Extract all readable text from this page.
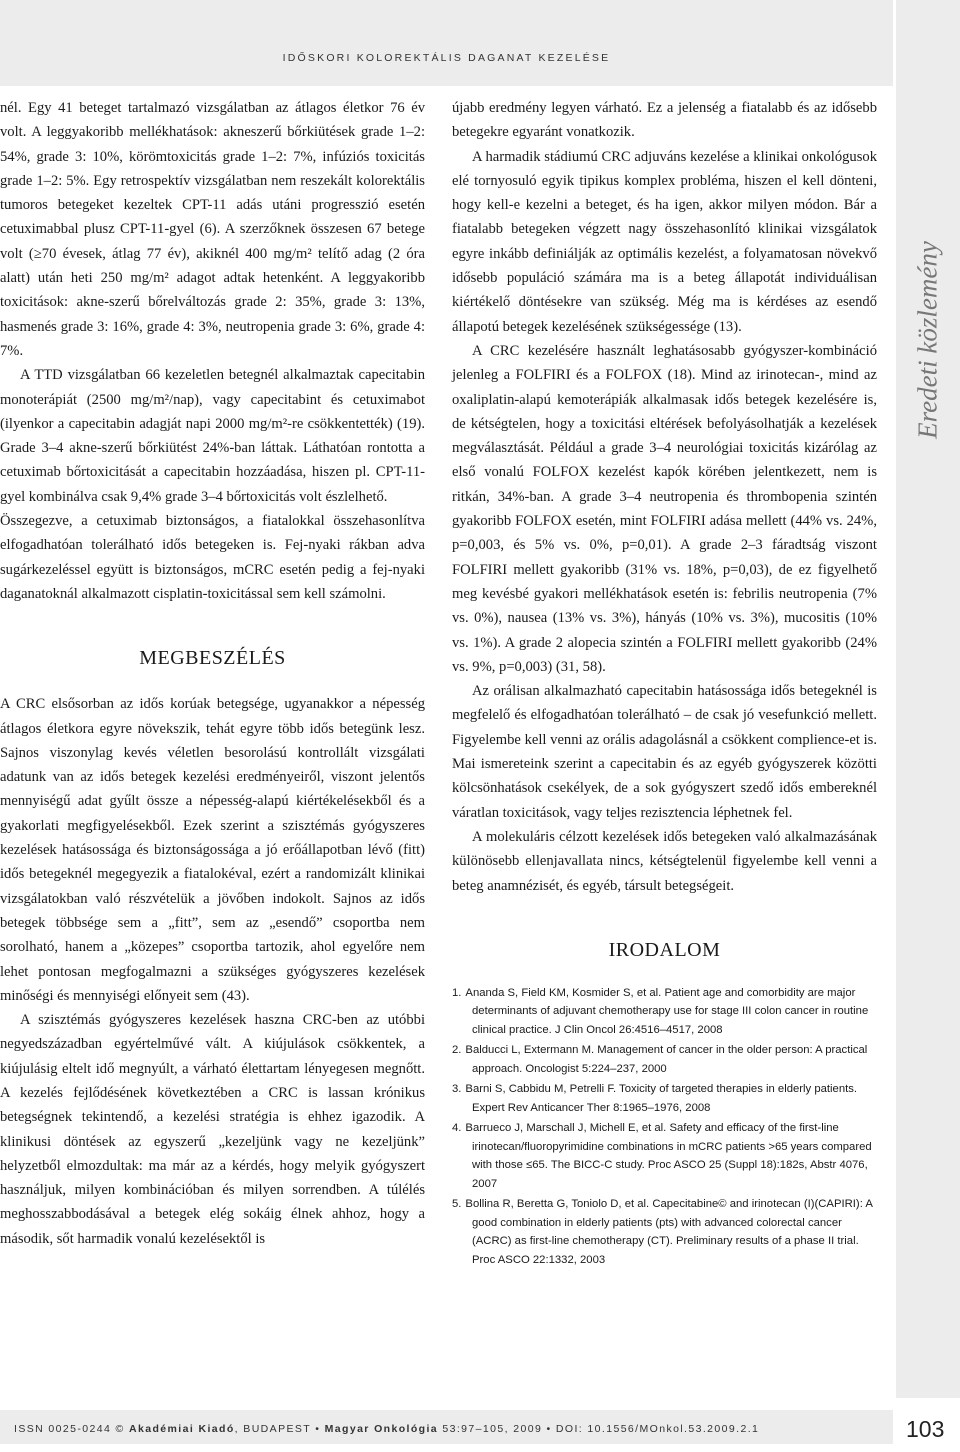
IDŐSKORI KOLOREKTÁLIS DAGANAT KEZELÉSE
Eredeti közlemény

nél. Egy 41 beteget tartalmazó vizsgálatban az átlagos életkor 76 év volt. A leggyakoribb mellékhatások: akneszerű bőrkiütések grade 1–2: 54%, grade 3: 10%, körömtoxicitás grade 1–2: 7%, infúziós toxicitás grade 1–2: 5%. Egy retrospektív vizsgálatban nem reszekált kolorektális tumoros betegeket kezeltek CPT-11 adás utáni progresszió esetén cetuximabbal plusz CPT-11-gyel (6). A szerzőknek összesen 67 betege volt (≥70 évesek, átlag 77 év), akiknél 400 mg/m² telítő adag (2 óra alatt) után heti 250 mg/m² adagot adtak hetenként. A leggyakoribb toxicitások: akne-szerű bőrelváltozás grade 2: 35%, grade 3: 13%, hasmenés grade 3: 16%, grade 4: 3%, neutropenia grade 3: 6%, grade 4: 7%.

A TTD vizsgálatban 66 kezeletlen betegnél alkalmaztak capecitabin monoterápiát (2500 mg/m²/nap), vagy capecitabint és cetuximabot (ilyenkor a capecitabin adagját napi 2000 mg/m²-re csökkentették) (19). Grade 3–4 akne-szerű bőrkiütést 24%-ban láttak. Láthatóan rontotta a cetuximab bőrtoxicitását a capecitabin hozzáadása, hiszen pl. CPT-11-gyel kombinálva csak 9,4% grade 3–4 bőrtoxicitás volt észlelhető.

Összegezve, a cetuximab biztonságos, a fiatalokkal összehasonlítva elfogadhatóan tolerálható idős betegeken is. Fej-nyaki rákban adva sugárkezeléssel együtt is biztonságos, mCRC esetén pedig a fej-nyaki daganatoknál alkalmazott cisplatin-toxicitással sem kell számolni.

MEGBESZÉLÉS

A CRC elsősorban az idős korúak betegsége, ugyanakkor a népesség átlagos életkora egyre növekszik, tehát egyre több idős betegünk lesz. Sajnos viszonylag kevés véletlen besorolású kontrollált vizsgálati adatunk van az idős betegek kezelési eredményeiről, viszont jelentős mennyiségű adat gyűlt össze a népesség-alapú kiértékelésekből és a gyakorlati megfigyelésekből. Ezek szerint a szisztémás gyógyszeres kezelések hatásossága és biztonságossága a jó erőállapotban lévő (fitt) idős betegeknél megegyezik a fiatalokéval, ezért a randomizált klinikai vizsgálatokban való részvételük a jövőben indokolt. Sajnos az idős betegek többsége sem a „fitt”, sem az „esendő” csoportba nem sorolható, hanem a „közepes” csoportba tartozik, ahol egyelőre nem lehet pontosan megfogalmazni a szükséges gyógyszeres kezelések minőségi és mennyiségi előnyeit sem (43).

A szisztémás gyógyszeres kezelések haszna CRC-ben az utóbbi negyedszázadban egyértelművé vált. A kiújulások csökkentek, a kiújulásig eltelt idő megnyúlt, a várható élettartam lényegesen megnőtt. A kezelés fejlődésének következtében a CRC is lassan krónikus betegségnek tekintendő, a kezelési stratégia is ehhez igazodik. A klinikusi döntések az egyszerű „kezeljünk vagy ne kezeljünk” helyzetből elmozdultak: ma már az a kérdés, hogy melyik gyógyszert használjuk, milyen kombinációban és milyen sorrendben. A túlélés meghosszabbodásával a betegek elég sokáig élnek ahhoz, hogy a második, sőt harmadik vonalú kezelésektől is

újabb eredmény legyen várható. Ez a jelenség a fiatalabb és az idősebb betegekre egyaránt vonatkozik.

A harmadik stádiumú CRC adjuváns kezelése a klinikai onkológusok elé tornyosuló egyik tipikus komplex probléma, hiszen el kell dönteni, hogy kell-e kezelni a beteget, és ha igen, akkor milyen módon. Bár a fiatalabb betegeken végzett nagy összehasonlító klinikai vizsgálatok egyre inkább definiálják az optimális kezelést, a folyamatosan növekvő idősebb populáció számára ma is a beteg állapotát individuálisan kiértékelő döntésekre van szükség. Még ma is kérdéses az esendő állapotú betegek kezelésének szükségessége (13).

A CRC kezelésére használt leghatásosabb gyógyszer-kombináció jelenleg a FOLFIRI és a FOLFOX (18). Mind az irinotecan-, mind az oxaliplatin-alapú kemoterápiák alkalmasak idős betegek kezelésére is, de kétségtelen, hogy a toxicitási eltérések befolyásolhatják a kezelések megválasztását. Például a grade 3–4 neurológiai toxicitás kizárólag az első vonalú FOLFOX kezelést kapók körében jelentkezett, nem is ritkán, 34%-ban. A grade 3–4 neutropenia és thrombopenia szintén gyakoribb FOLFOX esetén, mint FOLFIRI adása mellett (44% vs. 24%, p=0,003, és 5% vs. 0%, p=0,01). A grade 2–3 fáradtság viszont FOLFIRI mellett gyakoribb (31% vs. 18%, p=0,03), de ez figyelhető meg kevésbé gyakori mellékhatások esetén is: febrilis neutropenia (7% vs. 0%), nausea (13% vs. 3%), hányás (10% vs. 3%), mucositis (10% vs. 1%). A grade 2 alopecia szintén a FOLFIRI mellett gyakoribb (24% vs. 9%, p=0,003) (31, 58).

Az orálisan alkalmazható capecitabin hatásossága idős betegeknél is megfelelő és elfogadhatóan tolerálható – de csak jó vesefunkció mellett. Figyelembe kell venni az orális adagolásnál a csökkent complience-et is. Mai ismereteink szerint a capecitabin és az egyéb gyógyszerek közötti kölcsönhatások csekélyek, de a sok gyógyszert szedő idős embereknél váratlan toxicitások, vagy teljes rezisztencia léphetnek fel.

A molekuláris célzott kezelések idős betegeken való alkalmazásának különösebb ellenjavallata nincs, kétségtelenül figyelembe kell venni a beteg anamnézisét, és egyéb, társult betegségeit.

IRODALOM
1. Ananda S, Field KM, Kosmider S, et al. Patient age and comorbidity are major determinants of adjuvant chemotherapy use for stage III colon cancer in routine clinical practice. J Clin Oncol 26:4516–4517, 2008
2. Balducci L, Extermann M. Management of cancer in the older person: A practical approach. Oncologist 5:224–237, 2000
3. Barni S, Cabbidu M, Petrelli F. Toxicity of targeted therapies in elderly patients. Expert Rev Anticancer Ther 8:1965–1976, 2008
4. Barrueco J, Marschall J, Michell E, et al. Safety and efficacy of the first-line irinotecan/fluoropyrimidine combinations in mCRC patients >65 years compared with those ≤65. The BICC-C study. Proc ASCO 25 (Suppl 18):182s, Abstr 4076, 2007
5. Bollina R, Beretta G, Toniolo D, et al. Capecitabine© and irinotecan (I)(CAPIRI): A good combination in elderly patients (pts) with advanced colorectal cancer (ACRC) as first-line chemotherapy (CT). Preliminary results of a phase II trial. Proc ASCO 22:1332, 2003
ISSN 0025-0244 © Akadémiai Kiadó, BUDAPEST • Magyar Onkológia 53:97–105, 2009 • DOI: 10.1556/MOnkol.53.2009.2.1	103
